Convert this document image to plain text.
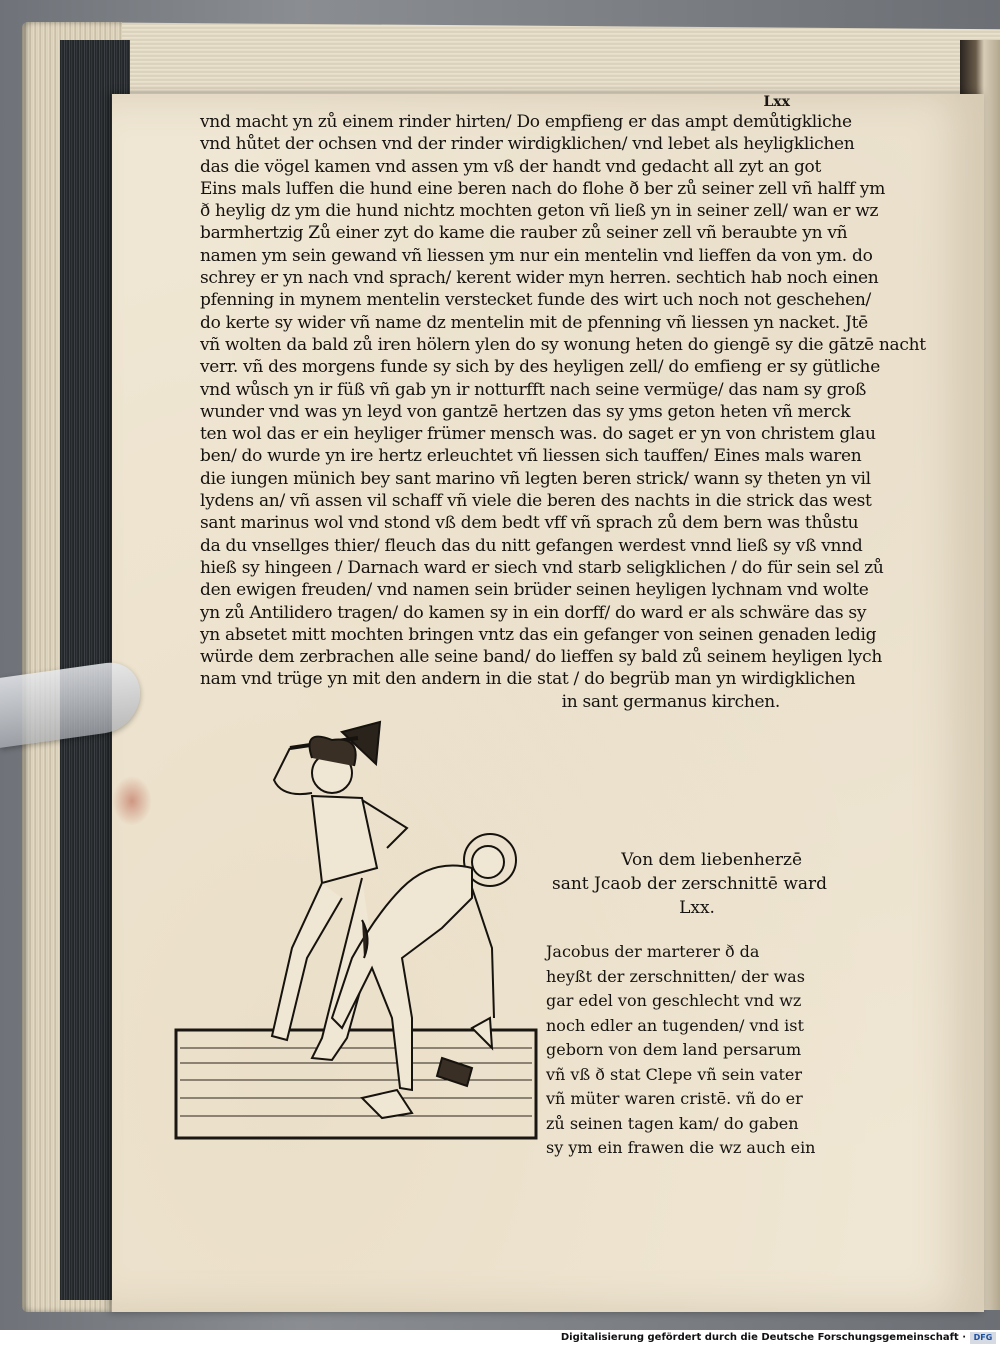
Lxx
vnd macht yn zů einem rinder hirten/ Do empfieng er das ampt demůtigkliche
vnd hůtet der ochsen vnd der rinder wirdigklichen/ vnd lebet als heyligklichen
das die vögel kamen vnd assen ym vß der handt vnd gedacht all zyt an got
Eins mals luffen die hund eine beren nach do flohe ð ber zů seiner zell vñ halff ym
ð heylig dz ym die hund nichtz mochten geton vñ ließ yn in seiner zell/ wan er wz
barmhertzig Zů einer zyt do kame die rauber zů seiner zell vñ beraubte yn vñ
namen ym sein gewand vñ liessen ym nur ein mentelin vnd lieffen da von ym. do
schrey er yn nach vnd sprach/ kerent wider myn herren. sechtich hab noch einen
pfenning in mynem mentelin verstecket funde des wirt uch noch not geschehen/
do kerte sy wider vñ name dz mentelin mit de pfenning vñ liessen yn nacket. Jtē
vñ wolten da bald zů iren hölern ylen do sy wonung heten do giengē sy die gātzē nacht
verr. vñ des morgens funde sy sich by des heyligen zell/ do emfieng er sy gütliche
vnd wůsch yn ir füß vñ gab yn ir notturfft nach seine vermüge/ das nam sy groß
wunder vnd was yn leyd von gantzē hertzen das sy yms geton heten vñ merck
ten wol das er ein heyliger frümer mensch was. do saget er yn von christem glau
ben/ do wurde yn ire hertz erleuchtet vñ liessen sich tauffen/ Eines mals waren
die iungen münich bey sant marino vñ legten beren strick/ wann sy theten yn vil
lydens an/ vñ assen vil schaff vñ viele die beren des nachts in die strick das west
sant marinus wol vnd stond vß dem bedt vff vñ sprach zů dem bern was thůstu
da du vnsellges thier/ fleuch das du nitt gefangen werdest vnnd ließ sy vß vnnd
hieß sy hingeen / Darnach ward er siech vnd starb seligklichen / do für sein sel zů
den ewigen freuden/ vnd namen sein brüder seinen heyligen lychnam vnd wolte
yn zů Antilidero tragen/ do kamen sy in ein dorff/ do ward er als schwäre das sy
yn absetet mitt mochten bringen vntz das ein gefanger von seinen genaden ledig
würde dem zerbrachen alle seine band/ do lieffen sy bald zů seinem heyligen lych
nam vnd trüge yn mit den andern in die stat / do begrüb man yn wirdigklichen
in sant germanus kirchen.
Von dem liebenherzē
sant Jcaob der zerschnittē ward
Lxx.
Jacobus der marterer ð da
heyßt der zerschnitten/ der was
gar edel von geschlecht vnd wz
noch edler an tugenden/ vnd ist
geborn von dem land persarum
vñ vß ð stat Clepe vñ sein vater
vñ müter waren cristē. vñ do er
zů seinen tagen kam/ do gaben
sy ym ein frawen die wz auch ein
Digitalisierung gefördert durch die Deutsche Forschungsgemeinschaft · DFG
